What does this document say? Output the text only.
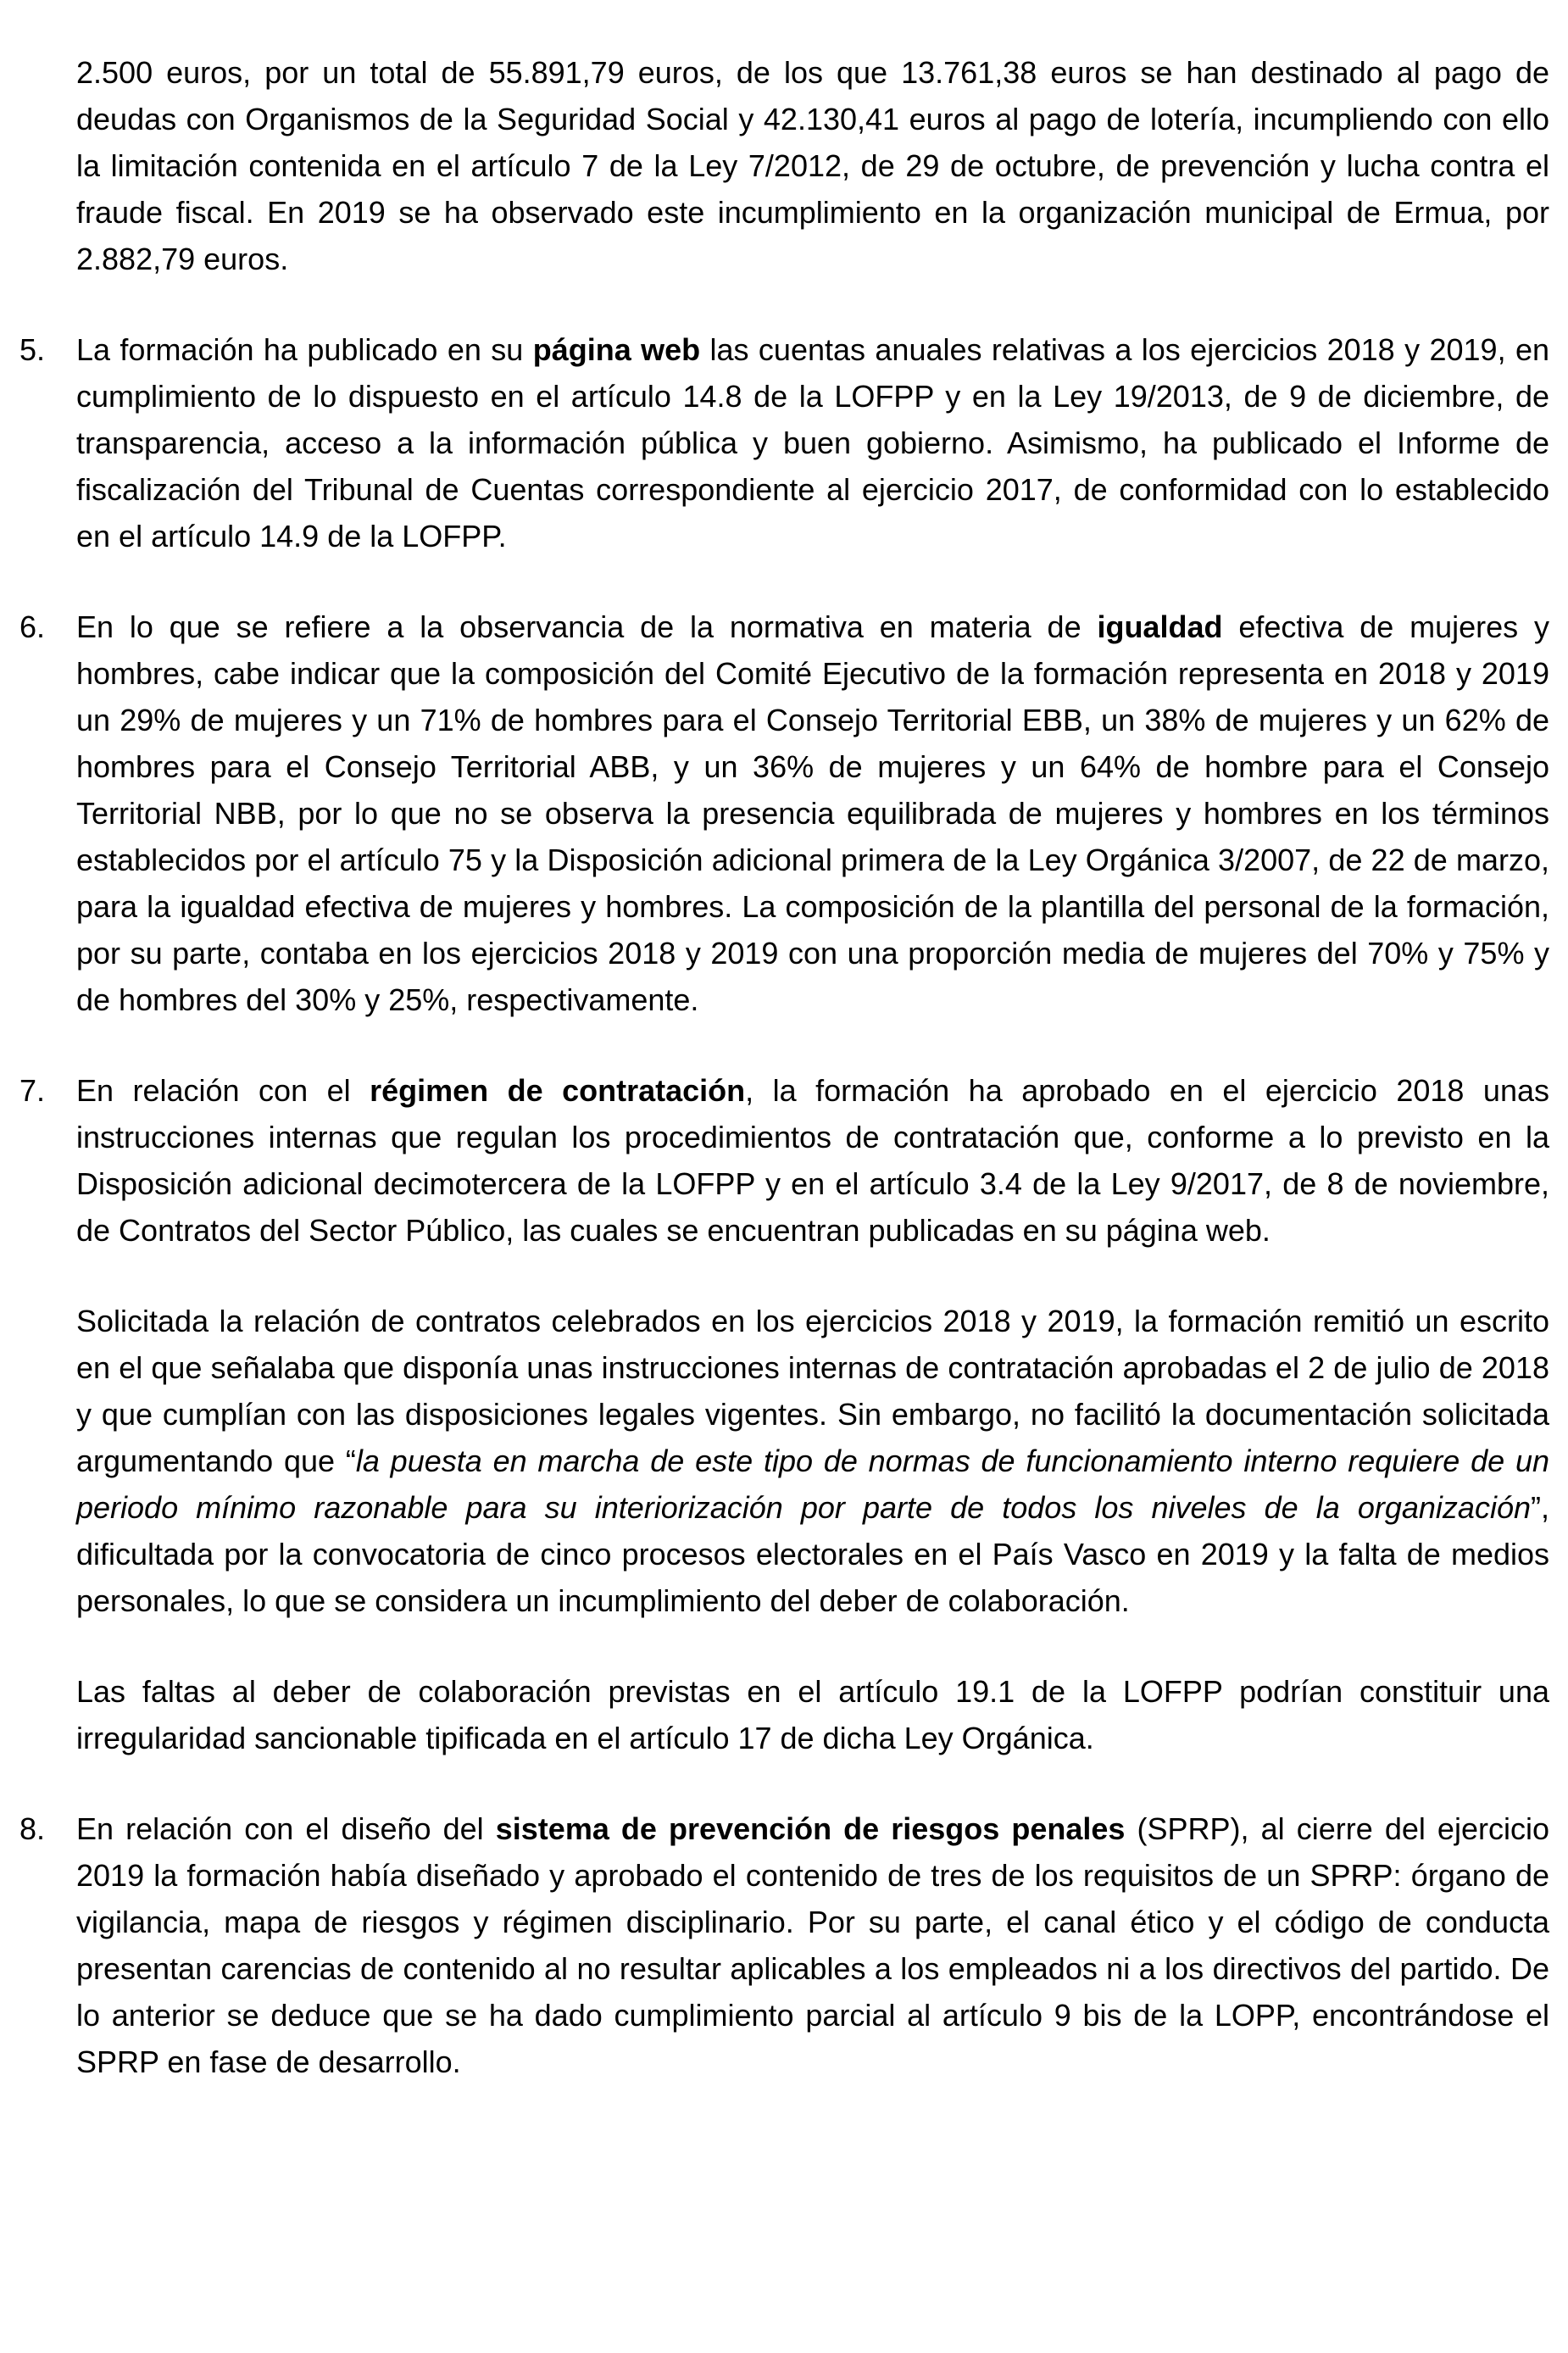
2.500 euros, por un total de 55.891,79 euros, de los que 13.761,38 euros se han destinado al pago de deudas con Organismos de la Seguridad Social y 42.130,41 euros al pago de lotería, incumpliendo con ello la limitación contenida en el artículo 7 de la Ley 7/2012, de 29 de octubre, de prevención y lucha contra el fraude fiscal. En 2019 se ha observado este incumplimiento en la organización municipal de Ermua, por 2.882,79 euros.

5. La formación ha publicado en su página web las cuentas anuales relativas a los ejercicios 2018 y 2019, en cumplimiento de lo dispuesto en el artículo 14.8 de la LOFPP y en la Ley 19/2013, de 9 de diciembre, de transparencia, acceso a la información pública y buen gobierno. Asimismo, ha publicado el Informe de fiscalización del Tribunal de Cuentas correspondiente al ejercicio 2017, de conformidad con lo establecido en el artículo 14.9 de la LOFPP.

6. En lo que se refiere a la observancia de la normativa en materia de igualdad efectiva de mujeres y hombres, cabe indicar que la composición del Comité Ejecutivo de la formación representa en 2018 y 2019 un 29% de mujeres y un 71% de hombres para el Consejo Territorial EBB, un 38% de mujeres y un 62% de hombres para el Consejo Territorial ABB, y un 36% de mujeres y un 64% de hombre para el Consejo Territorial NBB, por lo que no se observa la presencia equilibrada de mujeres y hombres en los términos establecidos por el artículo 75 y la Disposición adicional primera de la Ley Orgánica 3/2007, de 22 de marzo, para la igualdad efectiva de mujeres y hombres. La composición de la plantilla del personal de la formación, por su parte, contaba en los ejercicios 2018 y 2019 con una proporción media de mujeres del 70% y 75% y de hombres del 30% y 25%, respectivamente.

7. En relación con el régimen de contratación, la formación ha aprobado en el ejercicio 2018 unas instrucciones internas que regulan los procedimientos de contratación que, conforme a lo previsto en la Disposición adicional decimotercera de la LOFPP y en el artículo 3.4 de la Ley 9/2017, de 8 de noviembre, de Contratos del Sector Público, las cuales se encuentran publicadas en su página web.

Solicitada la relación de contratos celebrados en los ejercicios 2018 y 2019, la formación remitió un escrito en el que señalaba que disponía unas instrucciones internas de contratación aprobadas el 2 de julio de 2018 y que cumplían con las disposiciones legales vigentes. Sin embargo, no facilitó la documentación solicitada argumentando que “la puesta en marcha de este tipo de normas de funcionamiento interno requiere de un periodo mínimo razonable para su interiorización por parte de todos los niveles de la organización”, dificultada por la convocatoria de cinco procesos electorales en el País Vasco en 2019 y la falta de medios personales, lo que se considera un incumplimiento del deber de colaboración.

Las faltas al deber de colaboración previstas en el artículo 19.1 de la LOFPP podrían constituir una irregularidad sancionable tipificada en el artículo 17 de dicha Ley Orgánica.

8. En relación con el diseño del sistema de prevención de riesgos penales (SPRP), al cierre del ejercicio 2019 la formación había diseñado y aprobado el contenido de tres de los requisitos de un SPRP: órgano de vigilancia, mapa de riesgos y régimen disciplinario. Por su parte, el canal ético y el código de conducta presentan carencias de contenido al no resultar aplicables a los empleados ni a los directivos del partido. De lo anterior se deduce que se ha dado cumplimiento parcial al artículo 9 bis de la LOPP, encontrándose el SPRP en fase de desarrollo.
